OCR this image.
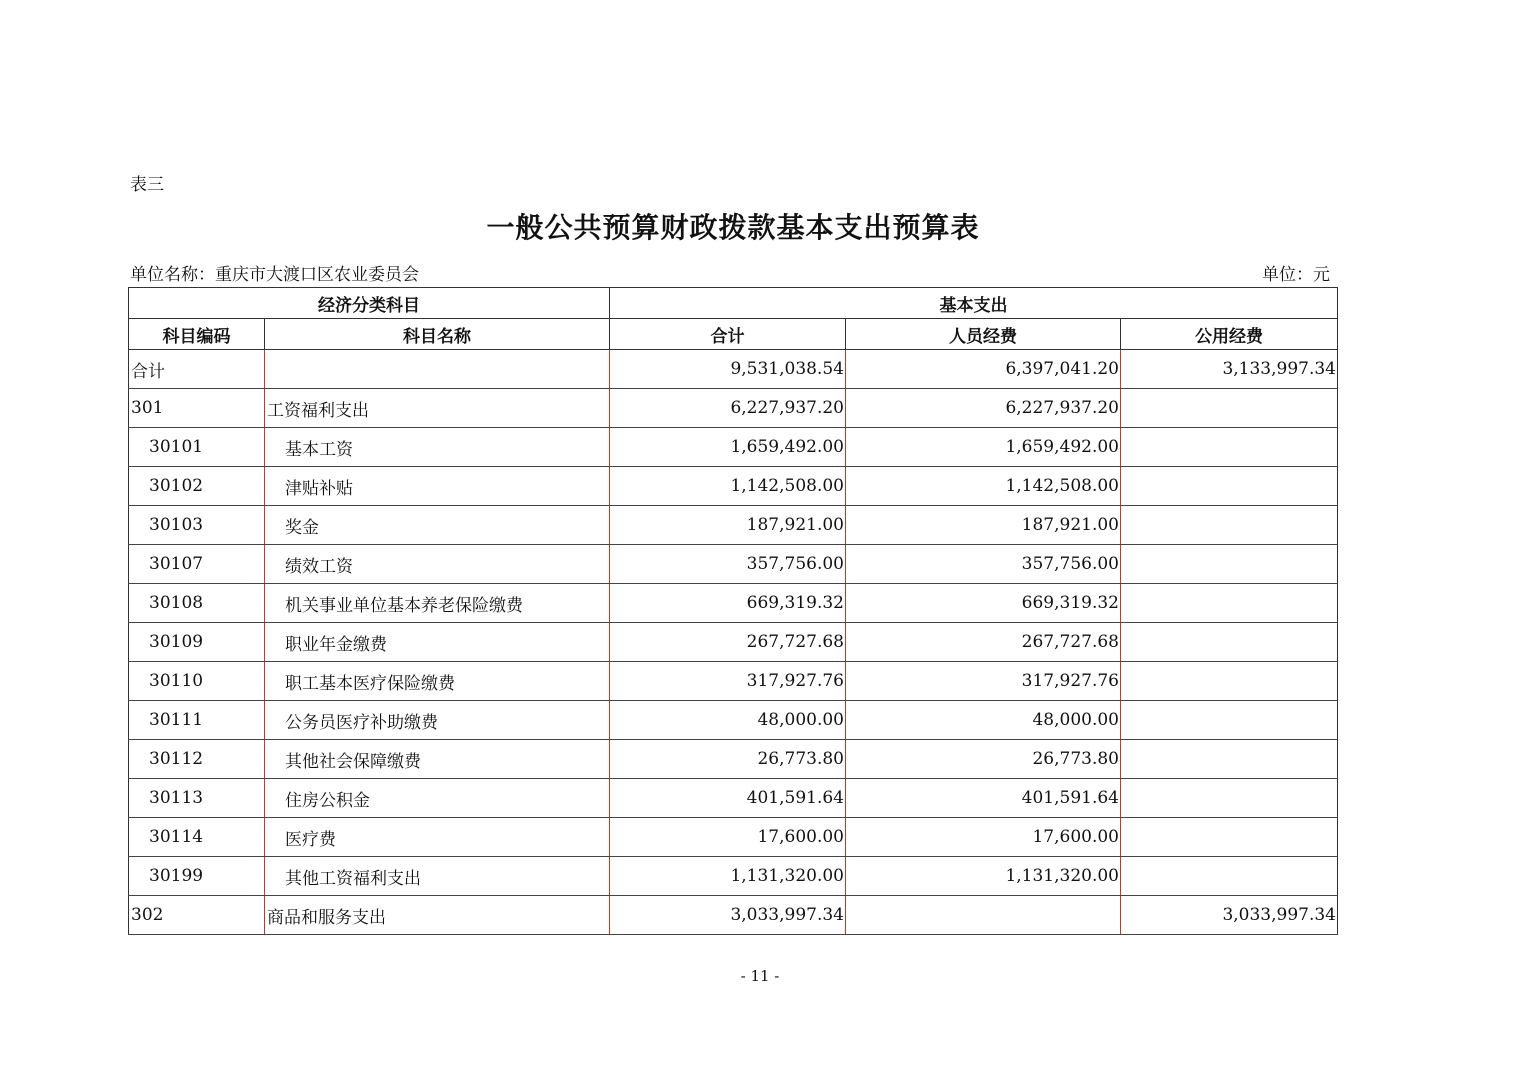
表三
一般公共预算财政拨款基本支出预算表
单位名称：重庆市大渡口区农业委员会	单位：元
经济分类科目		基本支出		
科目编码	科目名称	合计	人员经费	公用经费
合计		9,531,038.54	6,397,041.20	3,133,997.34
301	工资福利支出	6,227,937.20	6,227,937.20	
30101	基本工资	1,659,492.00	1,659,492.00	
30102	津贴补贴	1,142,508.00	1,142,508.00	
30103	奖金	187,921.00	187,921.00	
30107	绩效工资	357,756.00	357,756.00	
30108	机关事业单位基本养老保险缴费	669,319.32	669,319.32	
30109	职业年金缴费	267,727.68	267,727.68	
30110	职工基本医疗保险缴费	317,927.76	317,927.76	
30111	公务员医疗补助缴费	48,000.00	48,000.00	
30112	其他社会保障缴费	26,773.80	26,773.80	
30113	住房公积金	401,591.64	401,591.64	
30114	医疗费	17,600.00	17,600.00	
30199	其他工资福利支出	1,131,320.00	1,131,320.00	
302	商品和服务支出	3,033,997.34		3,033,997.34
- 11 -
